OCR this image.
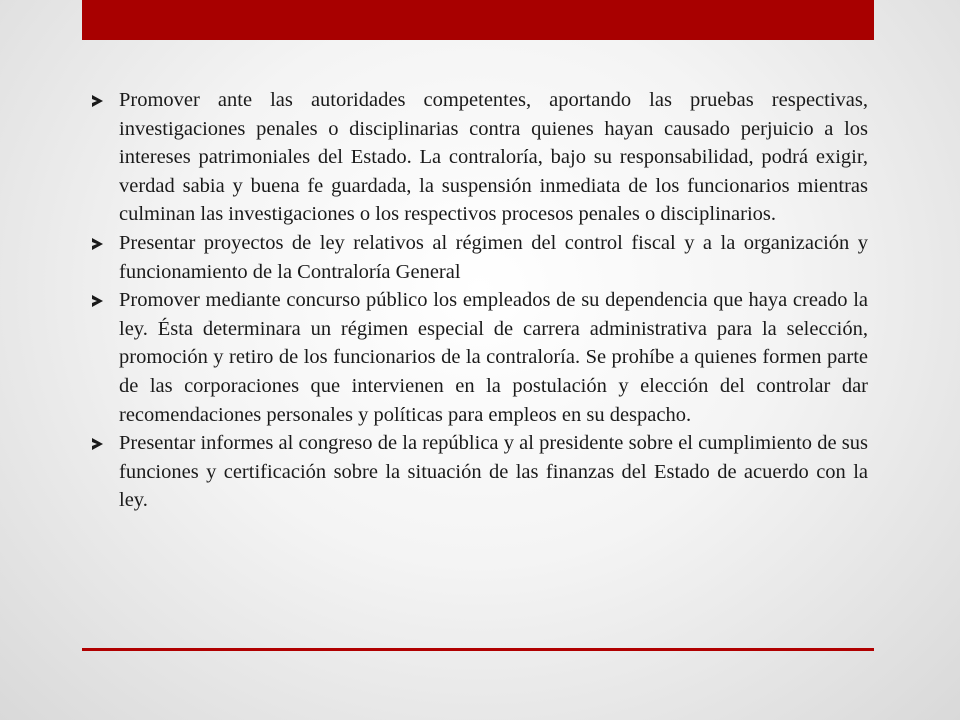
Promover ante las autoridades competentes, aportando las pruebas respectivas, investigaciones penales o disciplinarias contra quienes hayan causado perjuicio a los intereses patrimoniales del Estado. La contraloría, bajo su responsabilidad, podrá exigir, verdad sabia y buena fe guardada, la suspensión inmediata de los funcionarios mientras culminan las investigaciones o los respectivos procesos penales o disciplinarios.
Presentar proyectos de ley relativos al régimen del control fiscal y a la organización y funcionamiento de la Contraloría General
Promover mediante concurso público los empleados de su dependencia que haya creado la ley. Ésta determinara un régimen especial de carrera administrativa para la selección, promoción y retiro de los funcionarios de la contraloría. Se prohíbe a quienes formen parte de las corporaciones que intervienen en la postulación y elección del controlar dar recomendaciones personales y políticas para empleos en su despacho.
Presentar informes al congreso de la república y al presidente sobre el cumplimiento de sus funciones y certificación sobre la situación de las finanzas del Estado de acuerdo con la ley.
